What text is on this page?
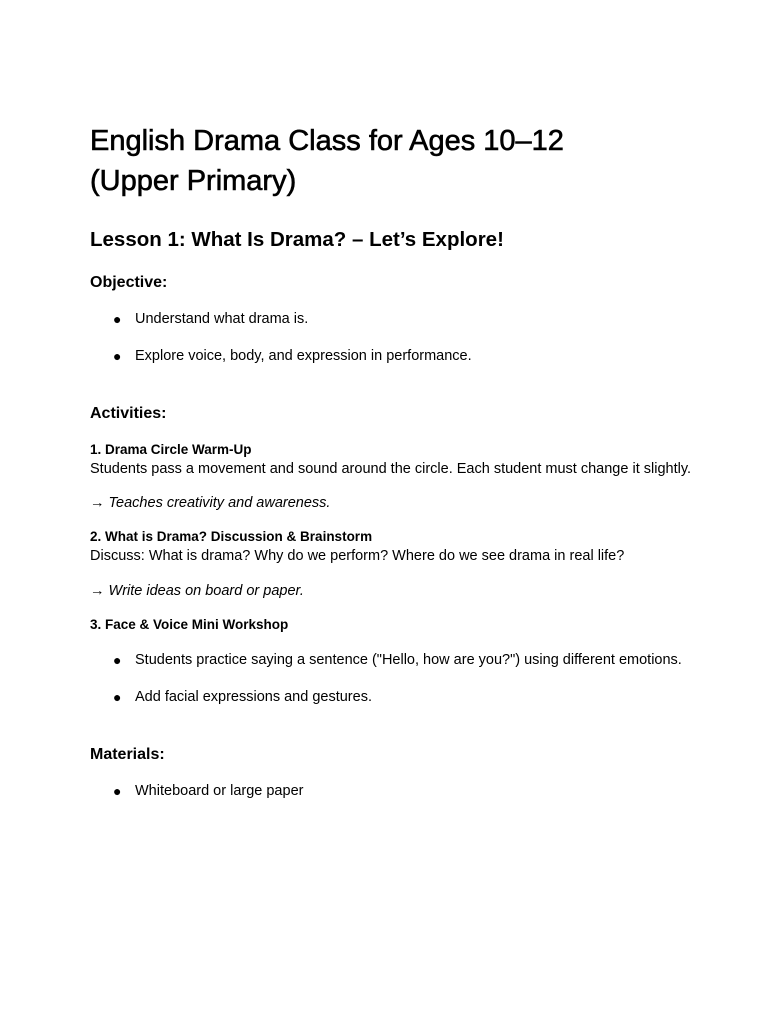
English Drama Class for Ages 10–12
(Upper Primary)
Lesson 1: What Is Drama? – Let’s Explore!
Objective:
● Understand what drama is.
● Explore voice, body, and expression in performance.
Activities:

1. Drama Circle Warm-Up

Students pass a movement and sound around the circle. Each student must change it slightly.

→ Teaches creativity and awareness.

2. What is Drama? Discussion & Brainstorm

Discuss: What is drama? Why do we perform? Where do we see drama in real life?

→ Write ideas on board or paper.

3. Face & Voice Mini Workshop

● Students practice saying a sentence ("Hello, how are you?") using different emotions.
● Add facial expressions and gestures.
Materials:
● Whiteboard or large paper
